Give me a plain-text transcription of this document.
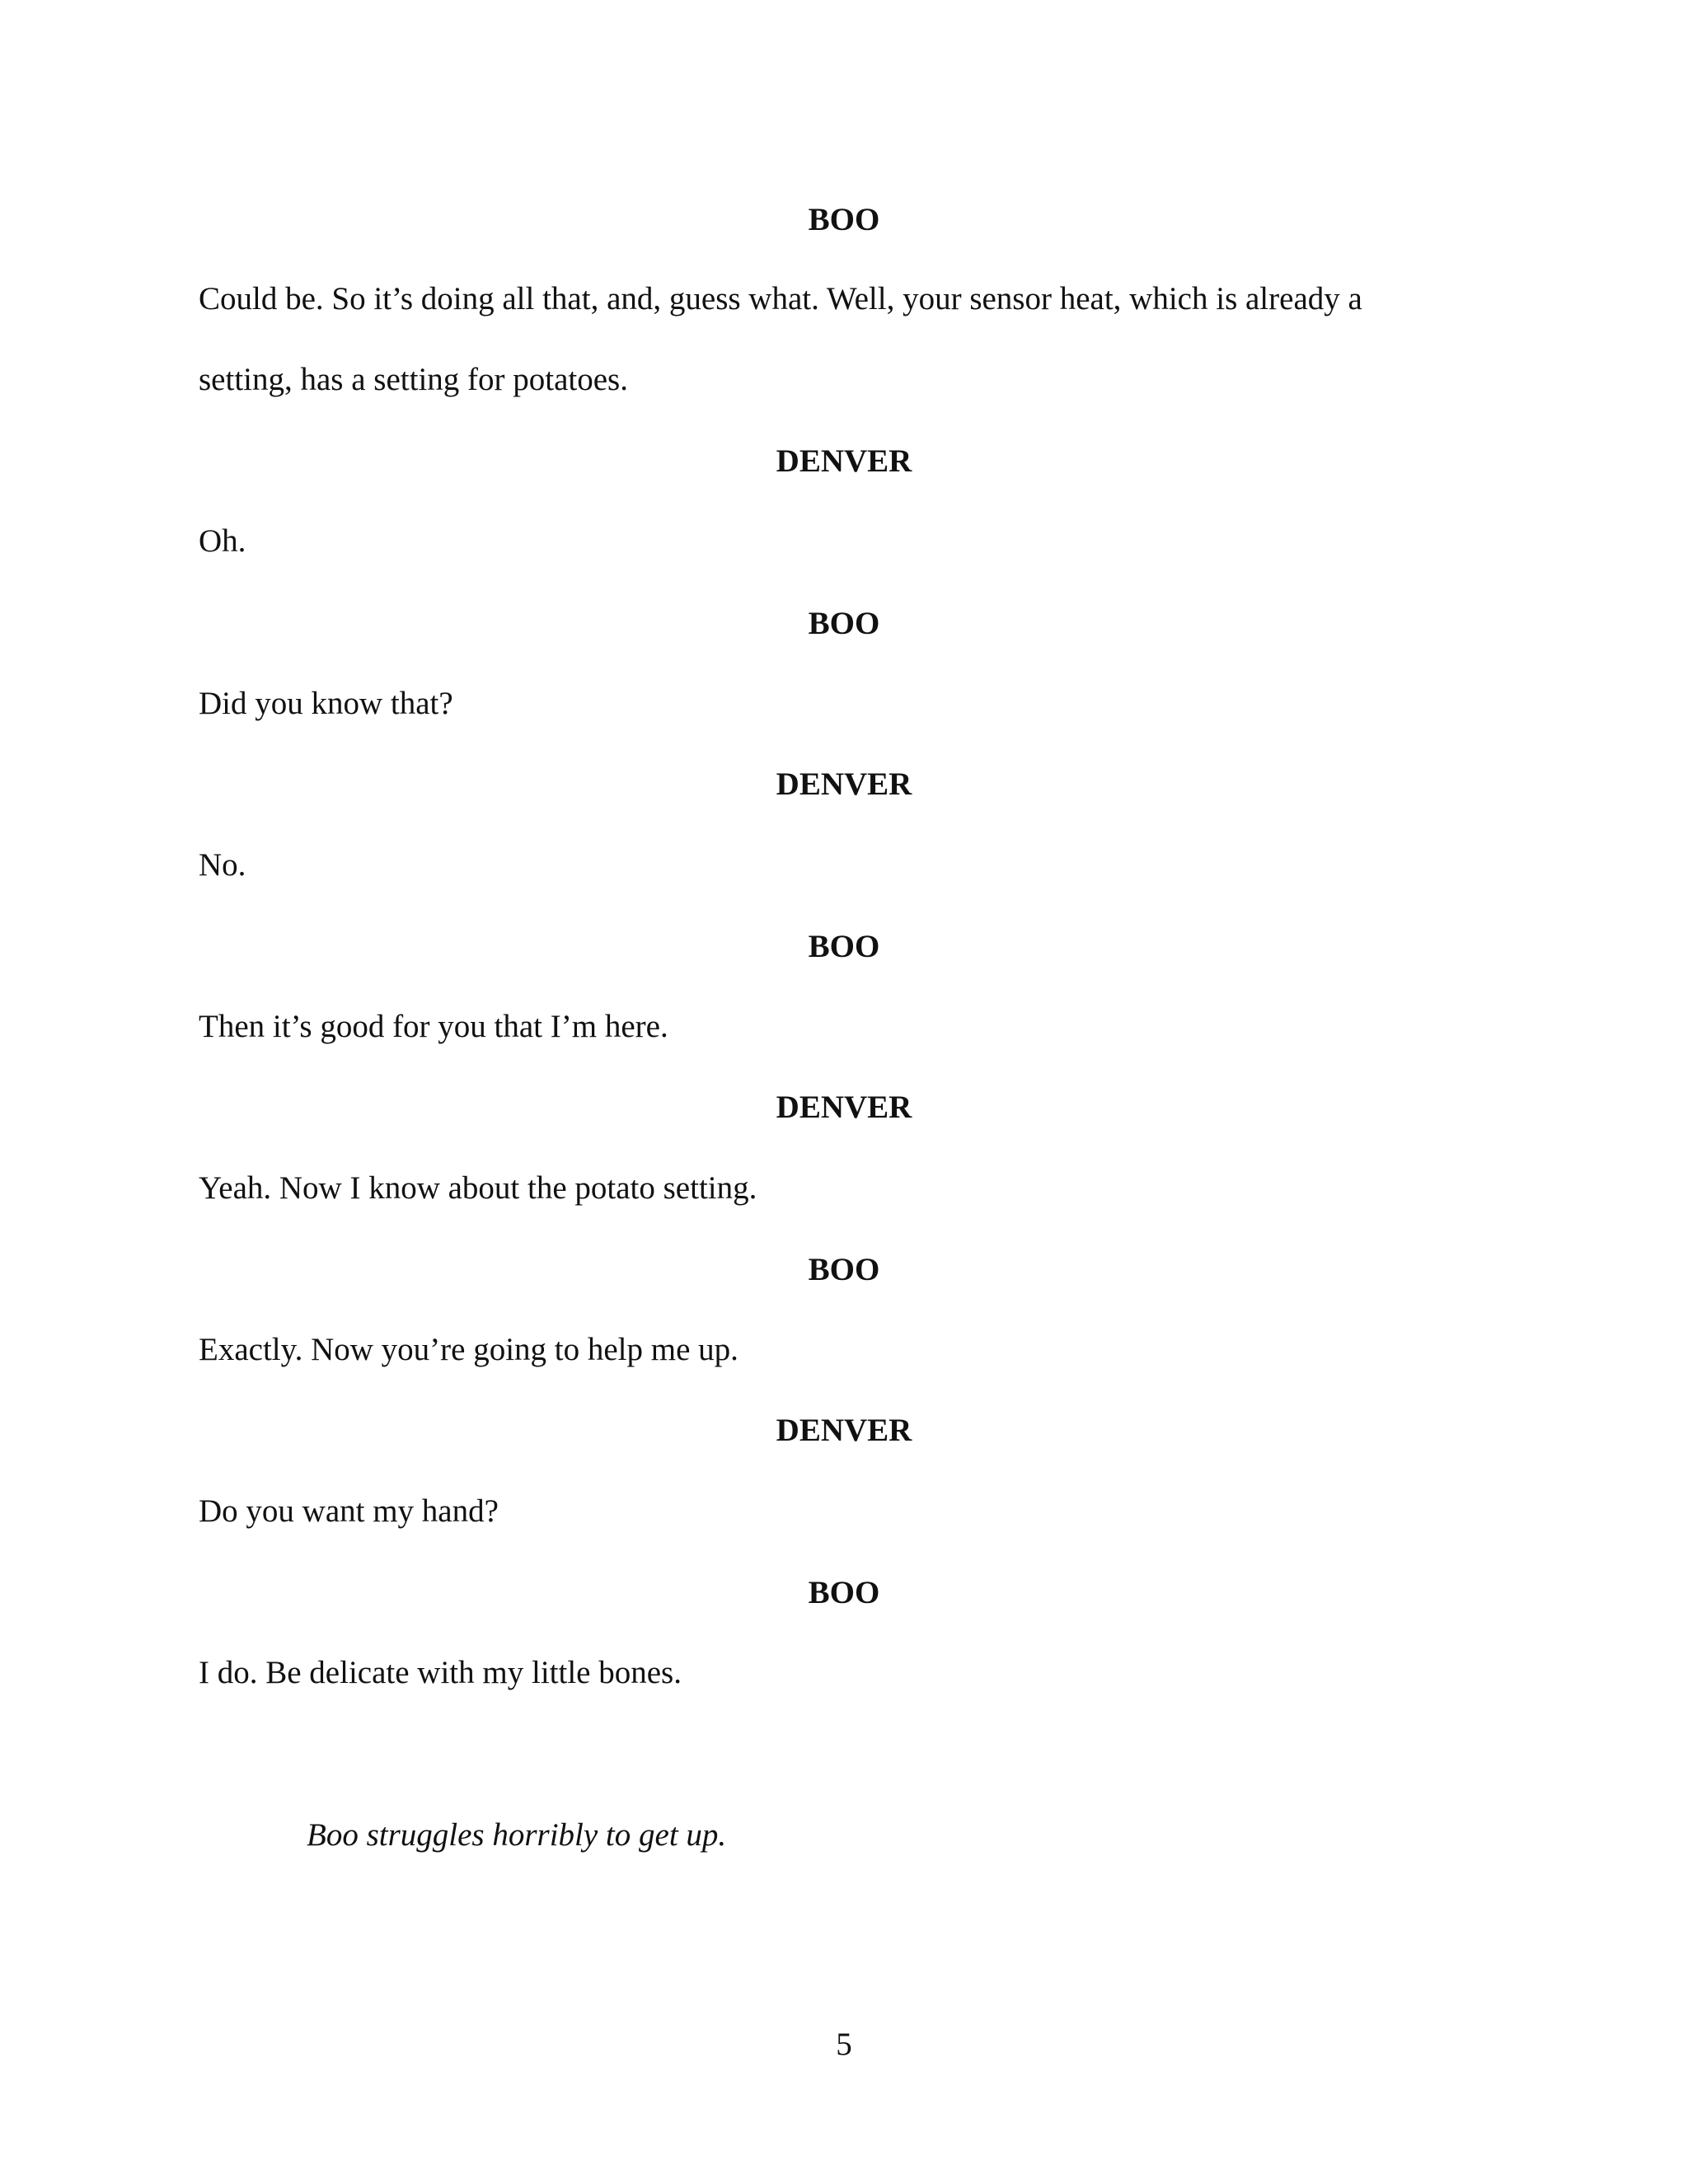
BOO
Could be. So it’s doing all that, and, guess what. Well, your sensor heat, which is already a
setting, has a setting for potatoes.
DENVER
Oh.
BOO
Did you know that?
DENVER
No.
BOO
Then it’s good for you that I’m here.
DENVER
Yeah. Now I know about the potato setting.
BOO
Exactly. Now you’re going to help me up.
DENVER
Do you want my hand?
BOO
I do. Be delicate with my little bones.
Boo struggles horribly to get up.
5
